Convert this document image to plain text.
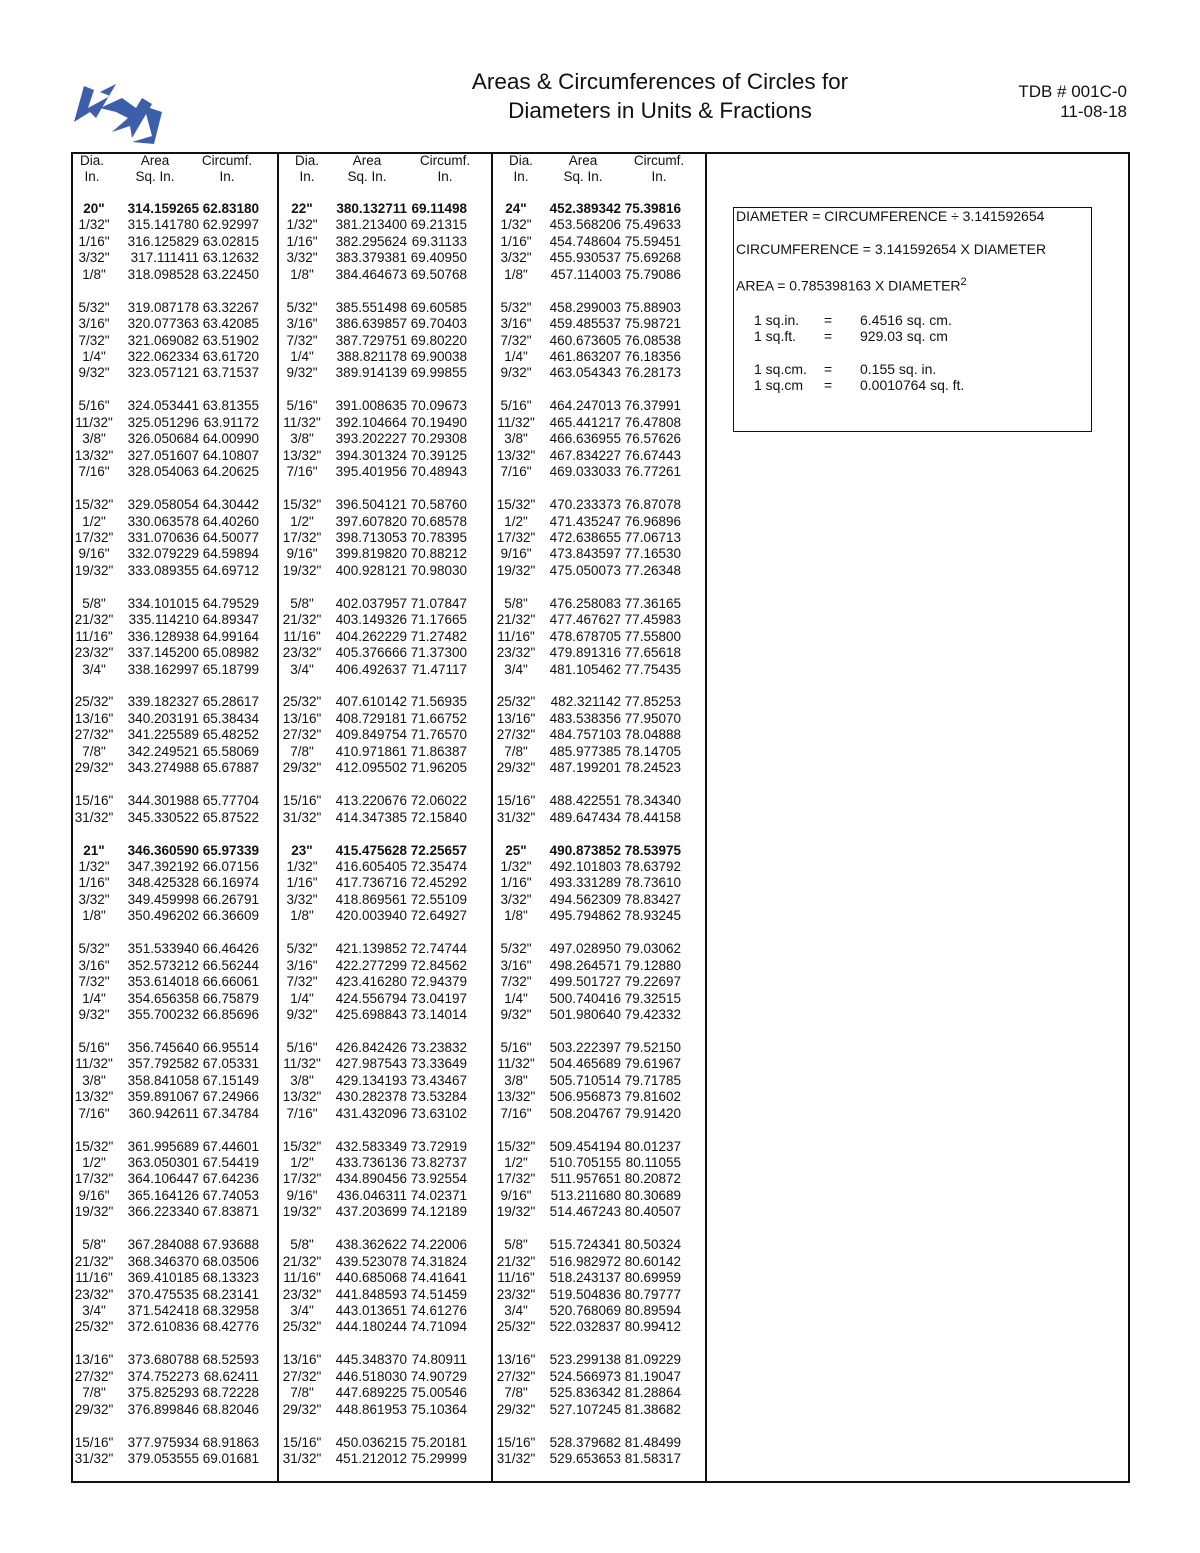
Areas & Circumferences of Circles for
Diameters in Units & Fractions
TDB # 001C-0
11-08-18
Dia.
In.
Area
Sq. In.
Circumf.
In.
20"	314.159265 62.83180
1/32"	315.141780 62.92997
1/16"	316.125829 63.02815
3/32"	317.111411 63.12632
1/8"	318.098528 63.22450
5/32"	319.087178 63.32267
3/16"	320.077363 63.42085
7/32"	321.069082 63.51902
1/4"	322.062334 63.61720
9/32"	323.057121 63.71537
5/16"	324.053441 63.81355
11/32"	325.051296 63.91172
3/8"	326.050684 64.00990
13/32"	327.051607 64.10807
7/16"	328.054063 64.20625
15/32"	329.058054 64.30442
1/2"	330.063578 64.40260
17/32"	331.070636 64.50077
9/16"	332.079229 64.59894
19/32"	333.089355 64.69712
5/8"	334.101015 64.79529
21/32"	335.114210 64.89347
11/16"	336.128938 64.99164
23/32"	337.145200 65.08982
3/4"	338.162997 65.18799
25/32"	339.182327 65.28617
13/16"	340.203191 65.38434
27/32"	341.225589 65.48252
7/8"	342.249521 65.58069
29/32"	343.274988 65.67887
15/16"	344.301988 65.77704
31/32"	345.330522 65.87522
21"	346.360590 65.97339
1/32"	347.392192 66.07156
1/16"	348.425328 66.16974
3/32"	349.459998 66.26791
1/8"	350.496202 66.36609
5/32"	351.533940 66.46426
3/16"	352.573212 66.56244
7/32"	353.614018 66.66061
1/4"	354.656358 66.75879
9/32"	355.700232 66.85696
5/16"	356.745640 66.95514
11/32"	357.792582 67.05331
3/8"	358.841058 67.15149
13/32"	359.891067 67.24966
7/16"	360.942611 67.34784
15/32"	361.995689 67.44601
1/2"	363.050301 67.54419
17/32"	364.106447 67.64236
9/16"	365.164126 67.74053
19/32"	366.223340 67.83871
5/8"	367.284088 67.93688
21/32"	368.346370 68.03506
11/16"	369.410185 68.13323
23/32"	370.475535 68.23141
3/4"	371.542418 68.32958
25/32"	372.610836 68.42776
13/16"	373.680788 68.52593
27/32"	374.752273 68.62411
7/8"	375.825293 68.72228
29/32"	376.899846 68.82046
15/16"	377.975934 68.91863
31/32"	379.053555 69.01681
Dia.
In.
Area
Sq. In.
Circumf.
In.
22"	380.132711 69.11498
1/32"	381.213400 69.21315
1/16"	382.295624 69.31133
3/32"	383.379381 69.40950
1/8"	384.464673 69.50768
5/32"	385.551498 69.60585
3/16"	386.639857 69.70403
7/32"	387.729751 69.80220
1/4"	388.821178 69.90038
9/32"	389.914139 69.99855
5/16"	391.008635 70.09673
11/32"	392.104664 70.19490
3/8"	393.202227 70.29308
13/32"	394.301324 70.39125
7/16"	395.401956 70.48943
15/32"	396.504121 70.58760
1/2"	397.607820 70.68578
17/32"	398.713053 70.78395
9/16"	399.819820 70.88212
19/32"	400.928121 70.98030
5/8"	402.037957 71.07847
21/32"	403.149326 71.17665
11/16"	404.262229 71.27482
23/32"	405.376666 71.37300
3/4"	406.492637 71.47117
25/32"	407.610142 71.56935
13/16"	408.729181 71.66752
27/32"	409.849754 71.76570
7/8"	410.971861 71.86387
29/32"	412.095502 71.96205
15/16"	413.220676 72.06022
31/32"	414.347385 72.15840
23"	415.475628 72.25657
1/32"	416.605405 72.35474
1/16"	417.736716 72.45292
3/32"	418.869561 72.55109
1/8"	420.003940 72.64927
5/32"	421.139852 72.74744
3/16"	422.277299 72.84562
7/32"	423.416280 72.94379
1/4"	424.556794 73.04197
9/32"	425.698843 73.14014
5/16"	426.842426 73.23832
11/32"	427.987543 73.33649
3/8"	429.134193 73.43467
13/32"	430.282378 73.53284
7/16"	431.432096 73.63102
15/32"	432.583349 73.72919
1/2"	433.736136 73.82737
17/32"	434.890456 73.92554
9/16"	436.046311 74.02371
19/32"	437.203699 74.12189
5/8"	438.362622 74.22006
21/32"	439.523078 74.31824
11/16"	440.685068 74.41641
23/32"	441.848593 74.51459
3/4"	443.013651 74.61276
25/32"	444.180244 74.71094
13/16"	445.348370 74.80911
27/32"	446.518030 74.90729
7/8"	447.689225 75.00546
29/32"	448.861953 75.10364
15/16"	450.036215 75.20181
31/32"	451.212012 75.29999
Dia.
In.
Area
Sq. In.
Circumf.
In.
24"	452.389342 75.39816
1/32"	453.568206 75.49633
1/16"	454.748604 75.59451
3/32"	455.930537 75.69268
1/8"	457.114003 75.79086
5/32"	458.299003 75.88903
3/16"	459.485537 75.98721
7/32"	460.673605 76.08538
1/4"	461.863207 76.18356
9/32"	463.054343 76.28173
5/16"	464.247013 76.37991
11/32"	465.441217 76.47808
3/8"	466.636955 76.57626
13/32"	467.834227 76.67443
7/16"	469.033033 76.77261
15/32"	470.233373 76.87078
1/2"	471.435247 76.96896
17/32"	472.638655 77.06713
9/16"	473.843597 77.16530
19/32"	475.050073 77.26348
5/8"	476.258083 77.36165
21/32"	477.467627 77.45983
11/16"	478.678705 77.55800
23/32"	479.891316 77.65618
3/4"	481.105462 77.75435
25/32"	482.321142 77.85253
13/16"	483.538356 77.95070
27/32"	484.757103 78.04888
7/8"	485.977385 78.14705
29/32"	487.199201 78.24523
15/16"	488.422551 78.34340
31/32"	489.647434 78.44158
25"	490.873852 78.53975
1/32"	492.101803 78.63792
1/16"	493.331289 78.73610
3/32"	494.562309 78.83427
1/8"	495.794862 78.93245
5/32"	497.028950 79.03062
3/16"	498.264571 79.12880
7/32"	499.501727 79.22697
1/4"	500.740416 79.32515
9/32"	501.980640 79.42332
5/16"	503.222397 79.52150
11/32"	504.465689 79.61967
3/8"	505.710514 79.71785
13/32"	506.956873 79.81602
7/16"	508.204767 79.91420
15/32"	509.454194 80.01237
1/2"	510.705155 80.11055
17/32"	511.957651 80.20872
9/16"	513.211680 80.30689
19/32"	514.467243 80.40507
5/8"	515.724341 80.50324
21/32"	516.982972 80.60142
11/16"	518.243137 80.69959
23/32"	519.504836 80.79777
3/4"	520.768069 80.89594
25/32"	522.032837 80.99412
13/16"	523.299138 81.09229
27/32"	524.566973 81.19047
7/8"	525.836342 81.28864
29/32"	527.107245 81.38682
15/16"	528.379682 81.48499
31/32"	529.653653 81.58317
DIAMETER = CIRCUMFERENCE ÷ 3.141592654
CIRCUMFERENCE = 3.141592654 X DIAMETER
AREA = 0.785398163 X DIAMETER$^2$
1 sq.in. = 6.4516 sq. cm.
1 sq.ft. = 929.03 sq. cm
1 sq.cm. = 0.155 sq. in.
1 sq.cm = 0.0010764 sq. ft.
